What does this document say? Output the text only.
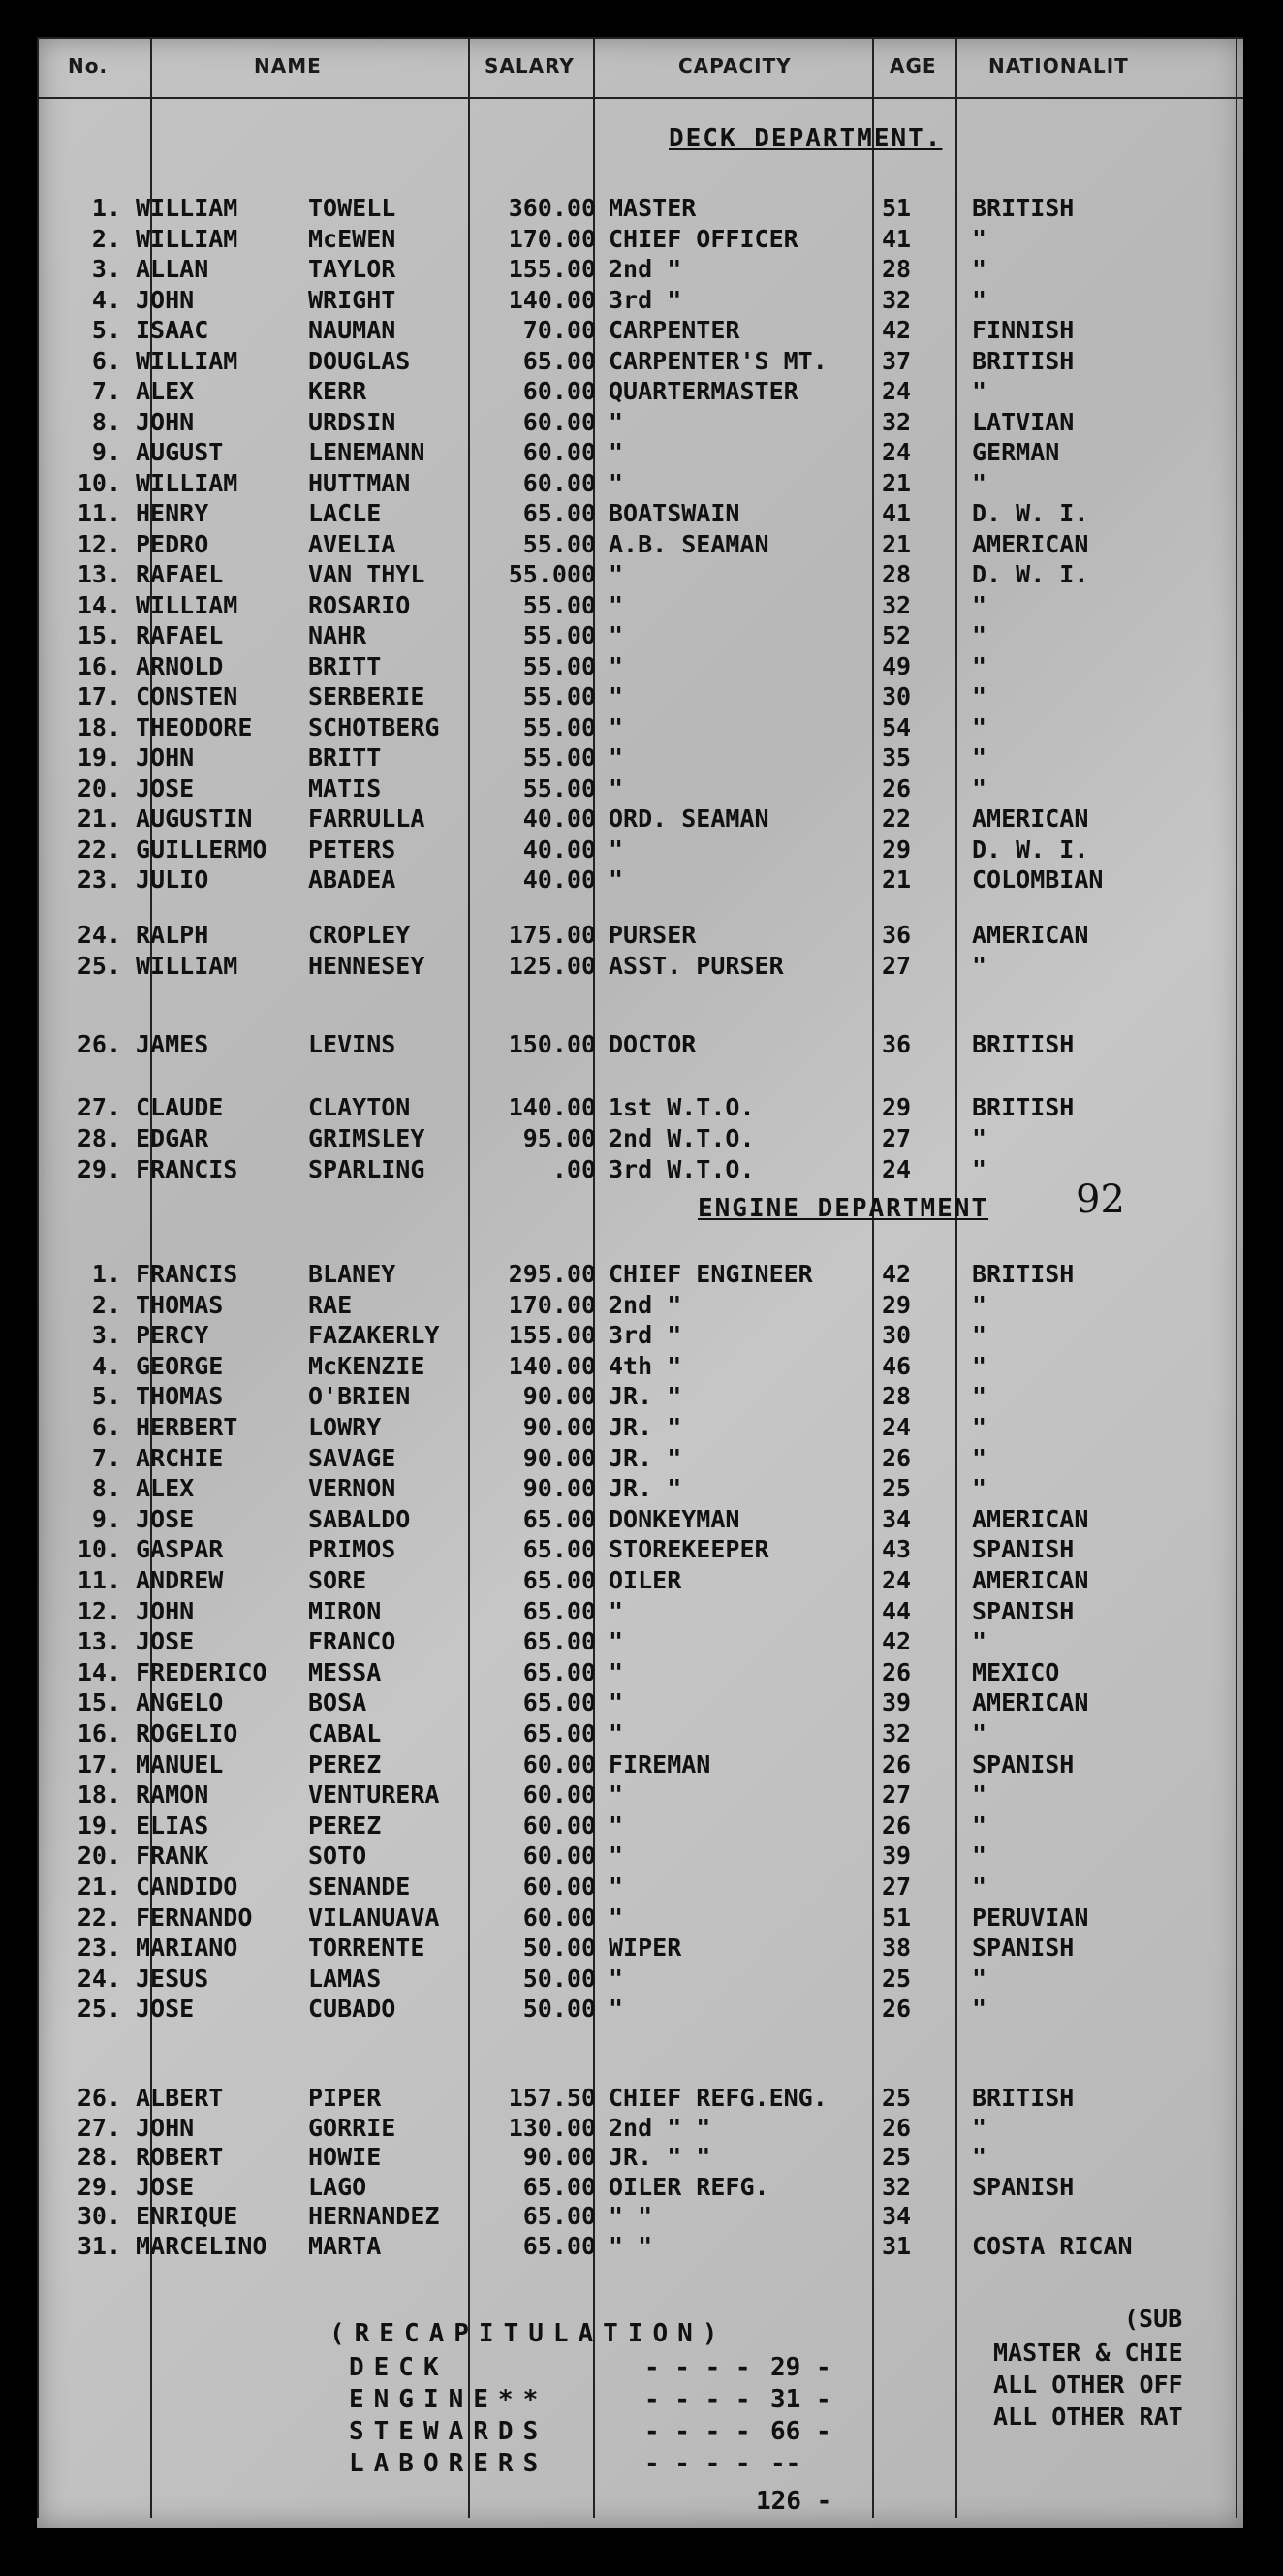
No.	NAME	SALARY	CAPACITY	AGE	NATIONALIT
DECK DEPARTMENT.
1. WILLIAM	TOWELL	360.00 MASTER	51	BRITISH
2. WILLIAM	McEWEN	170.00 CHIEF OFFICER	41	"
3. ALLAN	TAYLOR	155.00 2nd "	28	"
4. JOHN	WRIGHT	140.00 3rd "	32	"
5. ISAAC	NAUMAN	70.00 CARPENTER	42	FINNISH
6. WILLIAM	DOUGLAS	65.00 CARPENTER'S MT. 37	BRITISH
7. ALEX	KERR	60.00 QUARTERMASTER	24	"
8. JOHN	URDSIN	60.00 "	32	LATVIAN
9. AUGUST	LENEMANN	60.00 "	24	GERMAN
10. WILLIAM	HUTTMAN	60.00 "	21	"
11. HENRY	LACLE	65.00 BOATSWAIN	41	D. W. I.
12. PEDRO	AVELIA	55.00 A.B. SEAMAN	21	AMERICAN
13. RAFAEL	VAN THYL	55.000 "	28	D. W. I.
14. WILLIAM	ROSARIO	55.00 "	32	"
15. RAFAEL	NAHR	55.00 "	52	"
16. ARNOLD	BRITT	55.00 "	49	"
17. CONSTEN	SERBERIE	55.00 "	30	"
18. THEODORE SCHOTBERG	55.00 "	54	"
19. JOHN	BRITT	55.00 "	35	"
20. JOSE	MATIS	55.00 "	26	"
21. AUGUSTIN FARRULLA	40.00 ORD. SEAMAN	22	AMERICAN
22. GUILLERMO PETERS	40.00 "	29	D. W. I.
23. JULIO	ABADEA	40.00 "	21	COLOMBIAN
24. RALPH	CROPLEY	175.00 PURSER	36	AMERICAN
25. WILLIAM	HENNESEY	125.00 ASST. PURSER	27	"
26. JAMES	LEVINS	150.00 DOCTOR	36	BRITISH
27. CLAUDE	CLAYTON	140.00 1st W.T.O.	29	BRITISH
28. EDGAR	GRIMSLEY	95.00 2nd W.T.O.	27	"
29. FRANCIS	SPARLING	.00 3rd W.T.O.	24	"
ENGINE DEPARTMENT 92
1. FRANCIS	BLANEY	295.00 CHIEF ENGINEER	42	BRITISH
2. THOMAS	RAE	170.00 2nd "	29	"
3. PERCY	FAZAKERLY	155.00 3rd "	30	"
4. GEORGE	McKENZIE	140.00 4th "	46	"
5. THOMAS	O'BRIEN	90.00 JR. "	28	"
6. HERBERT	LOWRY	90.00 JR. "	24	"
7. ARCHIE	SAVAGE	90.00 JR. "	26	"
8. ALEX	VERNON	90.00 JR. "	25	"
9. JOSE	SABALDO	65.00 DONKEYMAN	34	AMERICAN
10. GASPAR	PRIMOS	65.00 STOREKEEPER	43	SPANISH
11. ANDREW	SORE	65.00 OILER	24	AMERICAN
12. JOHN	MIRON	65.00 "	44	SPANISH
13. JOSE	FRANCO	65.00 "	42	"
14. FREDERICO MESSA	65.00 "	26	MEXICO
15. ANGELO	BOSA	65.00 "	39	AMERICAN
16. ROGELIO	CABAL	65.00 "	32	"
17. MANUEL	PEREZ	60.00 FIREMAN	26	SPANISH
18. RAMON	VENTURERA	60.00 "	27	"
19. ELIAS	PEREZ	60.00 "	26	"
20. FRANK	SOTO	60.00 "	39	"
21. CANDIDO	SENANDE	60.00 "	27	"
22. FERNANDO VILANUAVA	60.00 "	51	PERUVIAN
23. MARIANO	TORRENTE	50.00 WIPER	38	SPANISH
24. JESUS	LAMAS	50.00 "	25	"
25. JOSE	CUBADO	50.00 "	26	"
26. ALBERT	PIPER	157.50 CHIEF REFG.ENG. 25	BRITISH
27. JOHN	GORRIE	130.00 2nd " "	26	"
28. ROBERT	HOWIE	90.00 JR. " "	25	"
29. JOSE	LAGO	65.00 OILER REFG.	32	SPANISH
30. ENRIQUE	HERNANDEZ	65.00 " "	34
31. MARCELINO MARTA	65.00 " "	31	COSTA RICAN
(RECAPITULATION)
DECK	- - - - 29 -
ENGINE**	- - - - 31 -
STEWARDS	- - - - 66 -
LABORERS	- - - - --
126 -
(SUB
MASTER & CHIE
ALL OTHER OFF
ALL OTHER RAT
